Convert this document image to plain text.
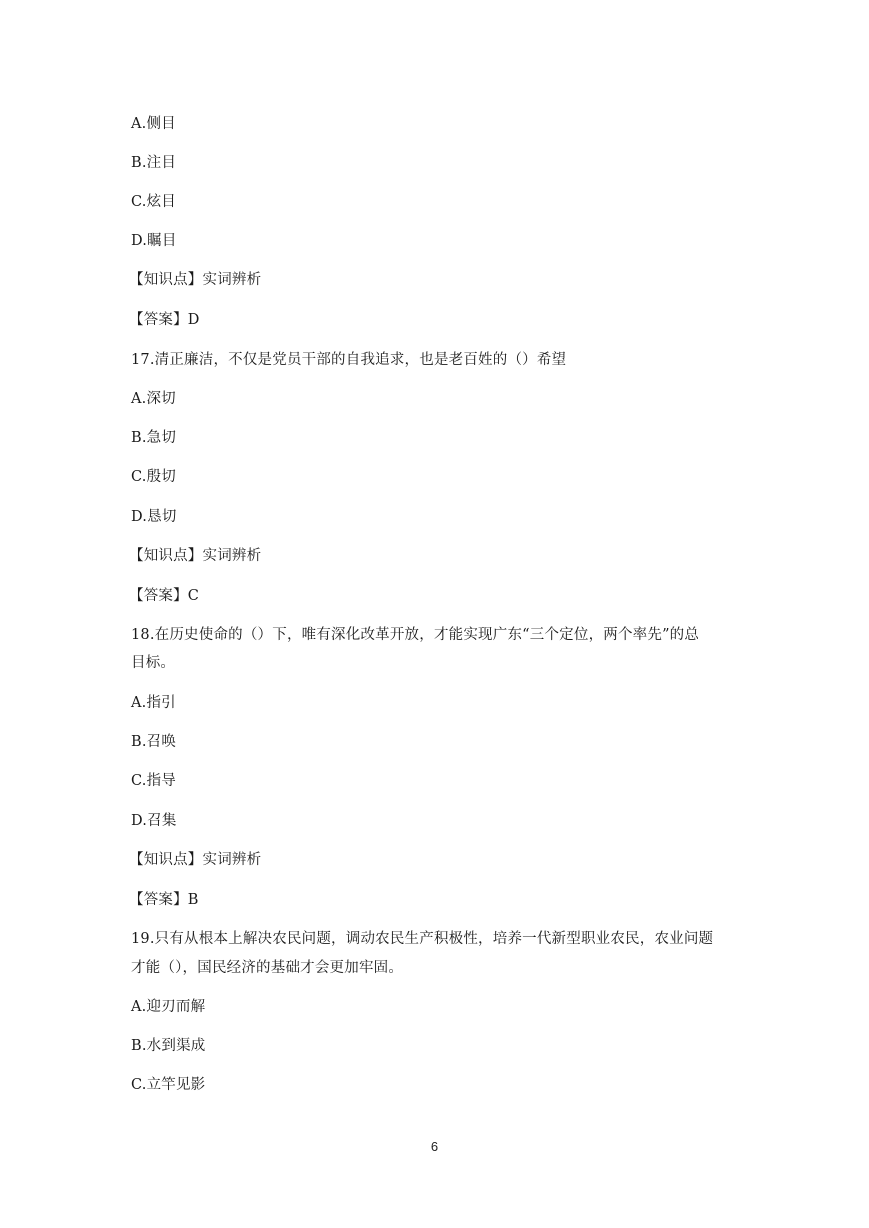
A.侧目
B.注目
C.炫目
D.瞩目
【知识点】实词辨析
【答案】D
17.清正廉洁，不仅是党员干部的自我追求，也是老百姓的（）希望
A.深切
B.急切
C.殷切
D.恳切
【知识点】实词辨析
【答案】C
18.在历史使命的（）下，唯有深化改革开放，才能实现广东“三个定位，两个率先”的总
目标。
A.指引
B.召唤
C.指导
D.召集
【知识点】实词辨析
【答案】B
19.只有从根本上解决农民问题，调动农民生产积极性，培养一代新型职业农民，农业问题
才能（），国民经济的基础才会更加牢固。
A.迎刃而解
B.水到渠成
C.立竿见影
6
